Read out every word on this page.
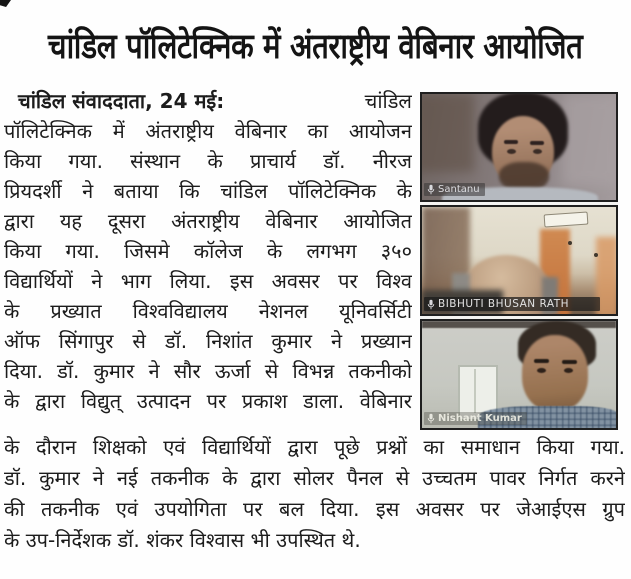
चांडिल पॉलिटेक्निक में अंतराष्ट्रीय वेबिनार आयोजित
चांडिल संवाददाता, 24 मई:	चांडिल
पॉलिटेक्निक में अंतराष्ट्रीय वेबिनार का आयोजन
किया गया. संस्थान के प्राचार्य डॉ. नीरज
प्रियदर्शी ने बताया कि चांडिल पॉलिटेक्निक के
द्वारा यह दूसरा अंतराष्ट्रीय वेबिनार आयोजित
किया गया. जिसमे कॉलेज के लगभग ३५०
विद्यार्थियों ने भाग लिया. इस अवसर पर विश्व
के प्रख्यात विश्वविद्यालय नेशनल यूनिवर्सिटी
ऑफ सिंगापुर से डॉ. निशांत कुमार ने प्रख्यान
दिया. डॉ. कुमार ने सौर ऊर्जा से विभन्न तकनीको
के द्वारा विद्युत् उत्पादन पर प्रकाश डाला. वेबिनार
के दौरान शिक्षको एवं विद्यार्थियों द्वारा पूछे प्रश्नों का समाधान किया गया.
डॉ. कुमार ने नई तकनीक के द्वारा सोलर पैनल से उच्चतम पावर निर्गत करने
की तकनीक एवं उपयोगिता पर बल दिया. इस अवसर पर जेआईएस ग्रुप
के उप-निर्देशक डॉ. शंकर विश्वास भी उपस्थित थे.
Santanu
BIBHUTI BHUSAN RATH
Nishant Kumar
